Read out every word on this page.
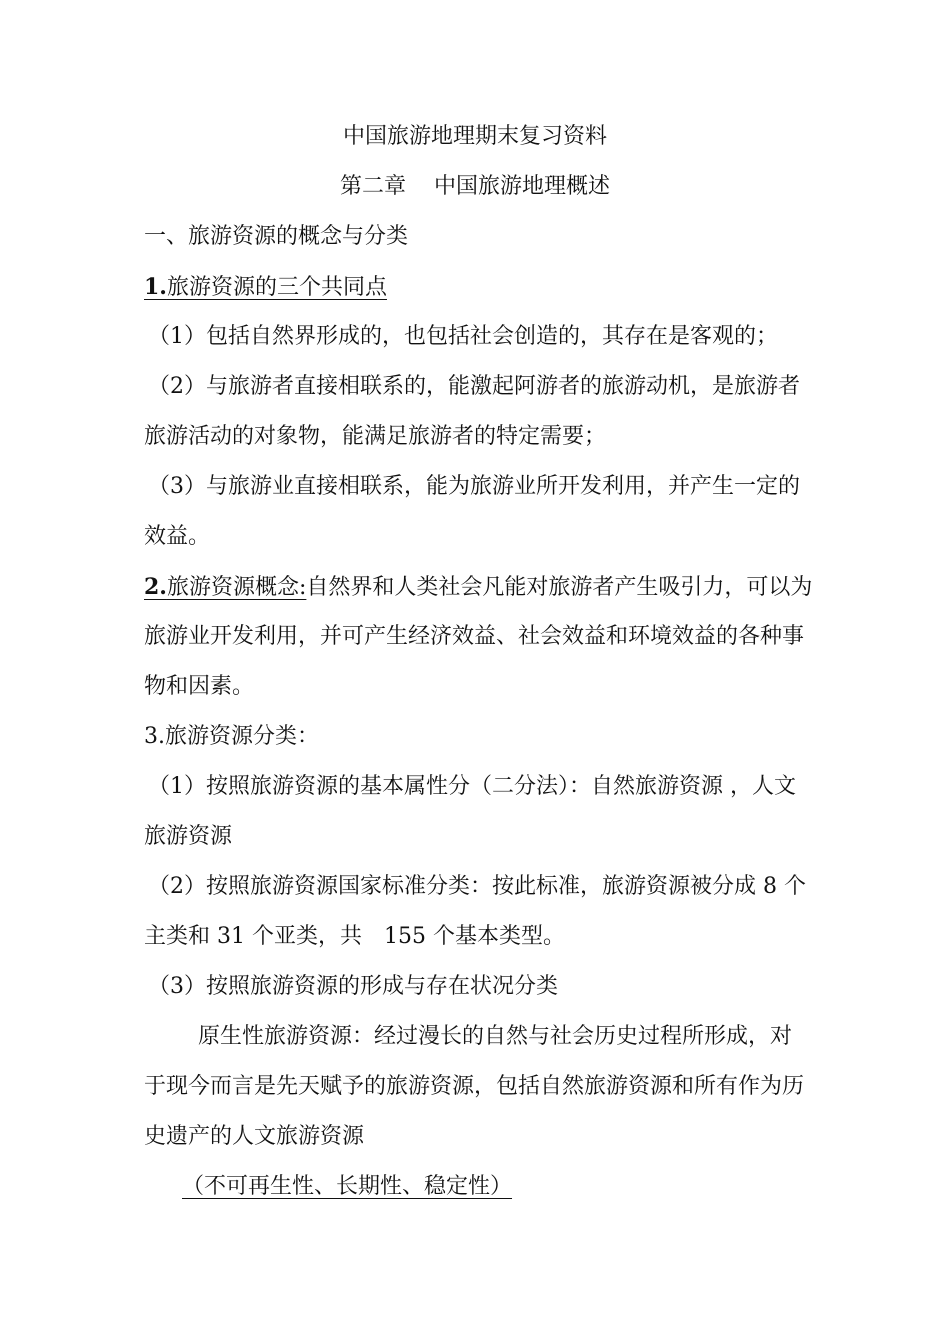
中国旅游地理期末复习资料
第二章 中国旅游地理概述
一、旅游资源的概念与分类
1.旅游资源的三个共同点
（1）包括自然界形成的，也包括社会创造的，其存在是客观的；
（2）与旅游者直接相联系的，能激起阿游者的旅游动机，是旅游者
旅游活动的对象物，能满足旅游者的特定需要；
（3）与旅游业直接相联系，能为旅游业所开发利用，并产生一定的
效益。
2.旅游资源概念:自然界和人类社会凡能对旅游者产生吸引力，可以为
旅游业开发利用，并可产生经济效益、社会效益和环境效益的各种事
物和因素。
3.旅游资源分类：
（1）按照旅游资源的基本属性分（二分法）：自然旅游资源 ，人文
旅游资源
（2）按照旅游资源国家标准分类：按此标准，旅游资源被分成 8 个
主类和 31 个亚类，共 155 个基本类型。
（3）按照旅游资源的形成与存在状况分类
原生性旅游资源：经过漫长的自然与社会历史过程所形成，对
于现今而言是先天赋予的旅游资源，包括自然旅游资源和所有作为历
史遗产的人文旅游资源
（不可再生性、长期性、稳定性）
